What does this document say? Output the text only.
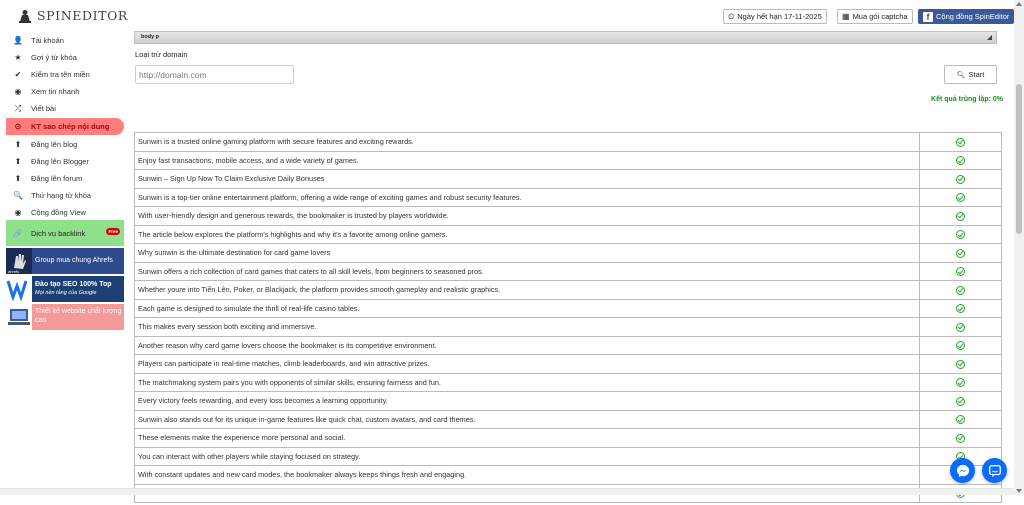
SPINEDITOR	⏲ Ngày hết hạn 17-11-2025	▦ Mua gói captcha	f Cộng đồng SpinEditor
👤 Tài khoản
★ Gợi ý từ khóa
✔ Kiểm tra tên miền
◉ Xem tin nhanh
⤮ Viết bài
⊙ KT sao chép nội dung
⬆ Đăng lên blog
⬆ Đăng lên Blogger
⬆ Đăng lên forum
🔍 Thứ hạng từ khóa
◉ Cộng đồng View
🔗 Dịch vụ backlink	Free
ahrefs
Group mua chung Ahrefs
Đào tạo SEO 100% Top
Mọi nền tảng của Google
Thiết kế website chất lượng cao
body p
Loại trừ domain
http://domain.com
🔍︎ Start
Kết quả trùng lặp: 0%
Sunwin is a trusted online gaming platform with secure features and exciting rewards.	
Enjoy fast transactions, mobile access, and a wide variety of games.	
Sunwin – Sign Up Now To Claim Exclusive Daily Bonuses	
Sunwin is a top-tier online entertainment platform, offering a wide range of exciting games and robust security features.	
With user-friendly design and generous rewards, the bookmaker is trusted by players worldwide.	
The article below explores the platform's highlights and why it's a favorite among online gamers.	
Why sunwin is the ultimate destination for card game lovers	
Sunwin offers a rich collection of card games that caters to all skill levels, from beginners to seasoned pros.	
Whether youre into Tiến Lên, Poker, or Blackjack, the platform provides smooth gameplay and realistic graphics.	
Each game is designed to simulate the thrill of real-life casino tables.	
This makes every session both exciting and immersive.	
Another reason why card game lovers choose the bookmaker is its competitive environment.	
Players can participate in real-time matches, climb leaderboards, and win attractive prizes.	
The matchmaking system pairs you with opponents of similar skills, ensuring fairness and fun.	
Every victory feels rewarding, and every loss becomes a learning opportunity.	
Sunwin also stands out for its unique in-game features like quick chat, custom avatars, and card themes.	
These elements make the experience more personal and social.	
You can interact with other players while staying focused on strategy.	
With constant updates and new card modes, the bookmaker always keeps things fresh and engaging.	
